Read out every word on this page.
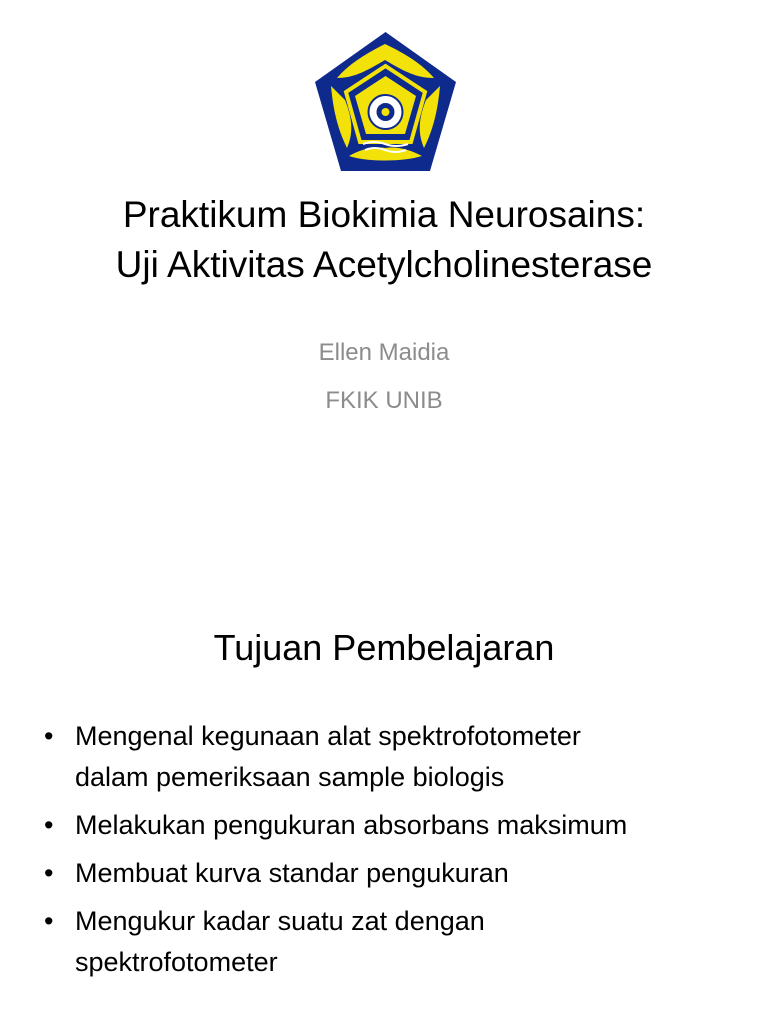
Praktikum Biokimia Neurosains:
Uji Aktivitas Acetylcholinesterase
Ellen Maidia
FKIK UNIB
Tujuan Pembelajaran
• Mengenal kegunaan alat spektrofotometer
dalam pemeriksaan sample biologis
• Melakukan pengukuran absorbans maksimum
• Membuat kurva standar pengukuran
• Mengukur kadar suatu zat dengan
spektrofotometer
